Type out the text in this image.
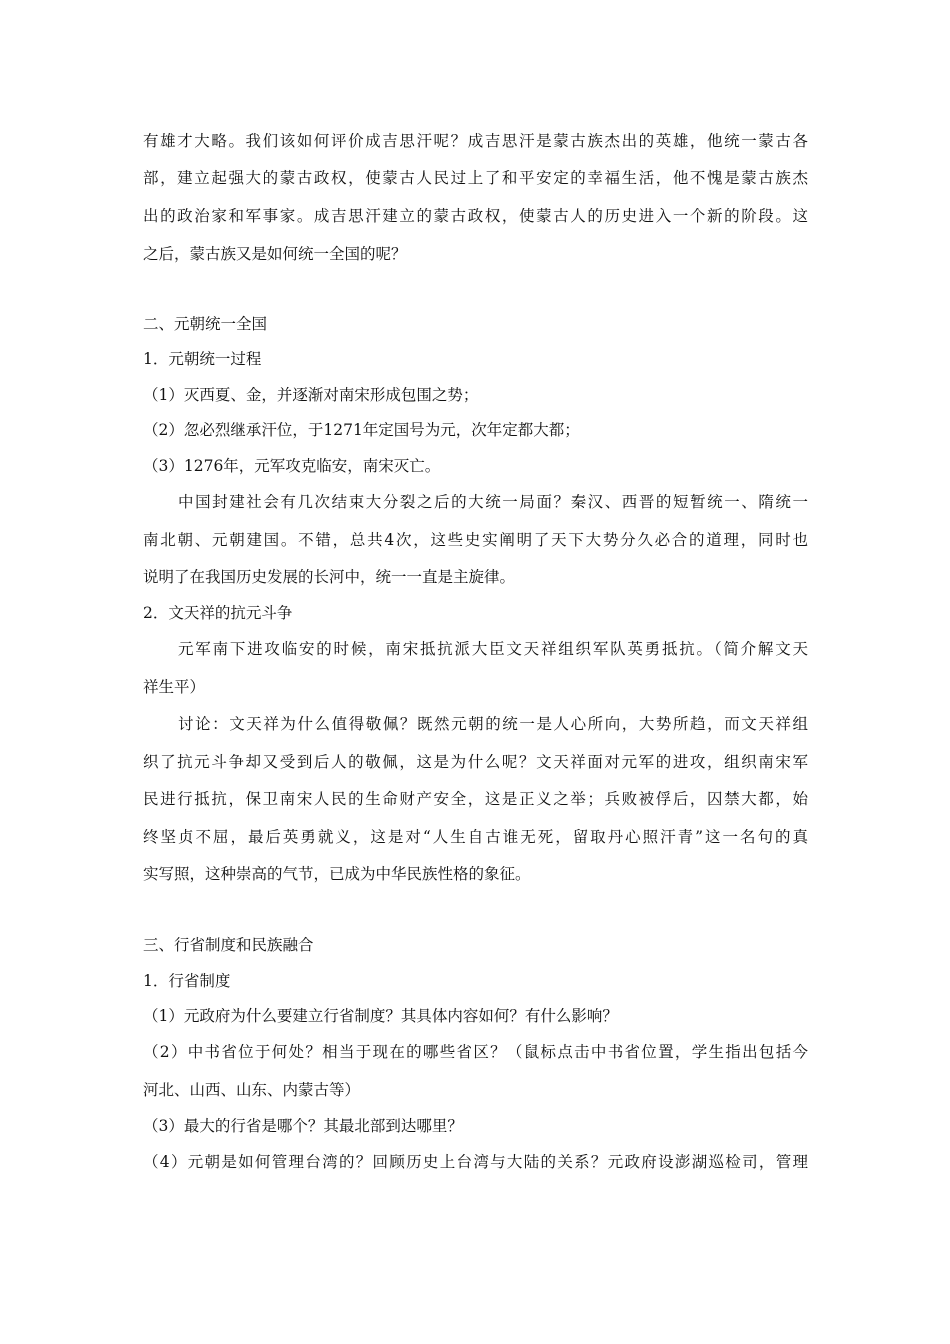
有雄才大略。我们该如何评价成吉思汗呢？成吉思汗是蒙古族杰出的英雄，他统一蒙古各
部，建立起强大的蒙古政权，使蒙古人民过上了和平安定的幸福生活，他不愧是蒙古族杰
出的政治家和军事家。成吉思汗建立的蒙古政权，使蒙古人的历史进入一个新的阶段。这
之后，蒙古族又是如何统一全国的呢？
二、元朝统一全国
1．元朝统一过程
（1）灭西夏、金，并逐渐对南宋形成包围之势；
（2）忽必烈继承汗位，于1271年定国号为元，次年定都大都；
（3）1276年，元军攻克临安，南宋灭亡。
中国封建社会有几次结束大分裂之后的大统一局面？秦汉、西晋的短暂统一、隋统一
南北朝、元朝建国。不错，总共4次，这些史实阐明了天下大势分久必合的道理，同时也
说明了在我国历史发展的长河中，统一一直是主旋律。
2．文天祥的抗元斗争
元军南下进攻临安的时候，南宋抵抗派大臣文天祥组织军队英勇抵抗。（简介解文天
祥生平）
讨论：文天祥为什么值得敬佩？既然元朝的统一是人心所向，大势所趋，而文天祥组
织了抗元斗争却又受到后人的敬佩，这是为什么呢？文天祥面对元军的进攻，组织南宋军
民进行抵抗，保卫南宋人民的生命财产安全，这是正义之举；兵败被俘后，囚禁大都，始
终坚贞不屈，最后英勇就义，这是对“人生自古谁无死，留取丹心照汗青”这一名句的真
实写照，这种崇高的气节，已成为中华民族性格的象征。
三、行省制度和民族融合
1．行省制度
（1）元政府为什么要建立行省制度？其具体内容如何？有什么影响？
（2）中书省位于何处？相当于现在的哪些省区？（鼠标点击中书省位置，学生指出包括今
河北、山西、山东、内蒙古等）
（3）最大的行省是哪个？其最北部到达哪里？
（4）元朝是如何管理台湾的？回顾历史上台湾与大陆的关系？元政府设澎湖巡检司，管理
